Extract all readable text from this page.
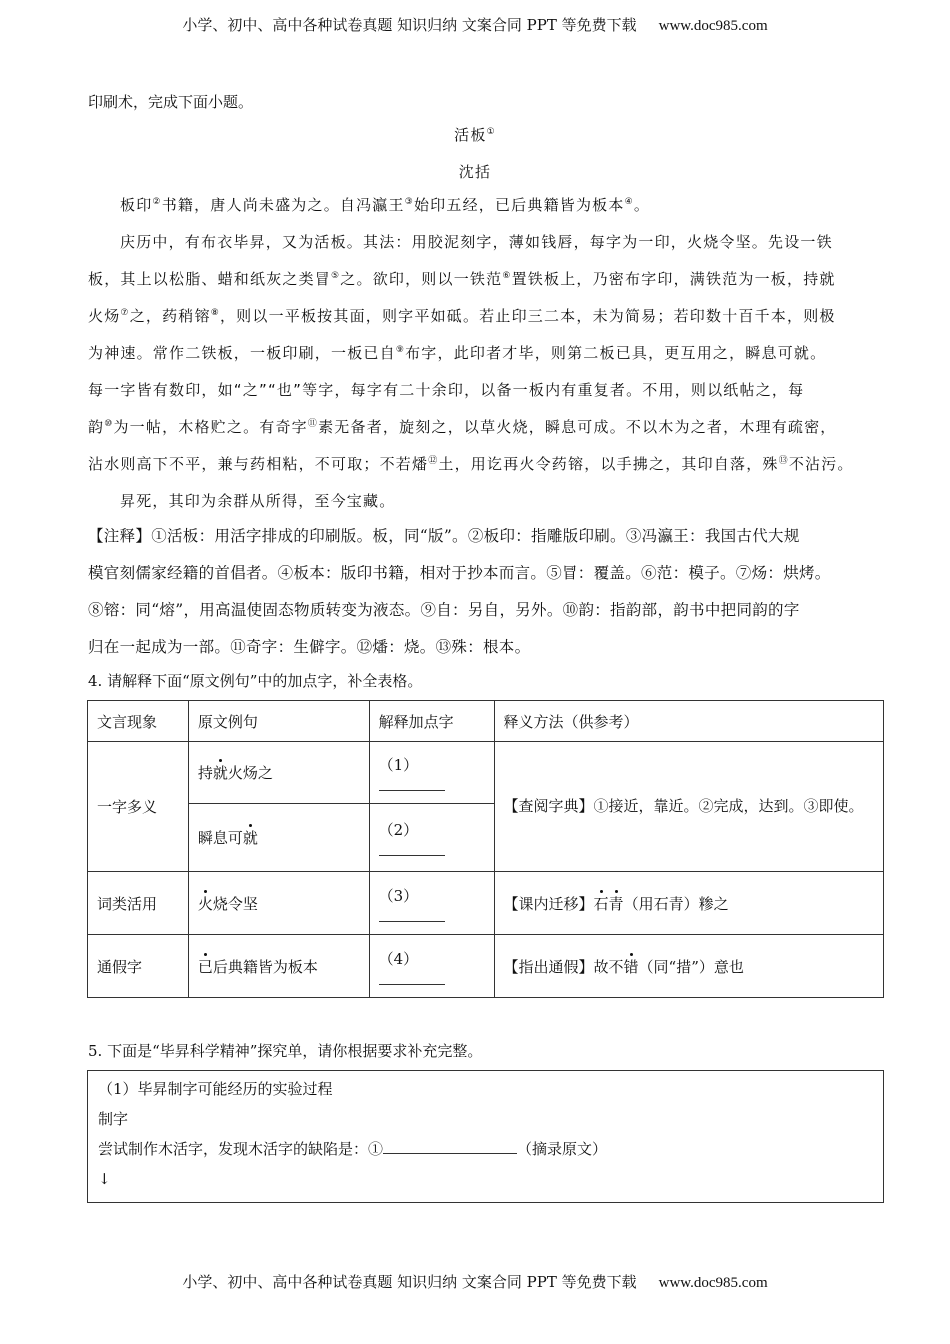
小学、初中、高中各种试卷真题 知识归纳 文案合同 PPT 等免费下载 www.doc985.com
印刷术，完成下面小题。
活板①
沈括
板印②书籍，唐人尚未盛为之。自冯瀛王③始印五经，已后典籍皆为板本④。
庆历中，有布衣毕昇，又为活板。其法：用胶泥刻字，薄如钱唇，每字为一印，火烧令坚。先设一铁
板，其上以松脂、蜡和纸灰之类冒⑤之。欲印，则以一铁范⑥置铁板上，乃密布字印，满铁范为一板，持就
火炀⑦之，药稍镕⑧，则以一平板按其面，则字平如砥。若止印三二本，未为简易；若印数十百千本，则极
为神速。常作二铁板，一板印刷，一板已自⑨布字，此印者才毕，则第二板已具，更互用之，瞬息可就。
每一字皆有数印，如“之”“也”等字，每字有二十余印，以备一板内有重复者。不用，则以纸帖之，每
韵⑩为一帖，木格贮之。有奇字⑪素无备者，旋刻之，以草火烧，瞬息可成。不以木为之者，木理有疏密，
沾水则高下不平，兼与药相粘，不可取；不若燔⑫土，用讫再火令药镕，以手拂之，其印自落，殊⑬不沾污。
昇死，其印为余群从所得，至今宝藏。
【注释】①活板：用活字排成的印刷版。板，同“版”。②板印：指雕版印刷。③冯瀛王：我国古代大规
模官刻儒家经籍的首倡者。④板本：版印书籍，相对于抄本而言。⑤冒：覆盖。⑥范：模子。⑦炀：烘烤。
⑧镕：同“熔”，用高温使固态物质转变为液态。⑨自：另自，另外。⑩韵：指韵部，韵书中把同韵的字
归在一起成为一部。⑪奇字：生僻字。⑫燔：烧。⑬殊：根本。
4. 请解释下面“原文例句”中的加点字，补全表格。
文言现象	原文例句	解释加点字	释义方法（供参考）
一字多义	持就火炀之	（1）	【查阅字典】①接近，靠近。②完成，达到。③即使。
	瞬息可就	（2）	

词类活用	火烧令坚	（3）	【课内迁移】石青（用石青）糁之
通假字	已后典籍皆为板本	（4）	【指出通假】故不错（同“措”）意也
5. 下面是“毕昇科学精神”探究单，请你根据要求补充完整。
（1）毕昇制字可能经历的实验过程
制字
尝试制作木活字，发现木活字的缺陷是：①	（摘录原文）
↓
小学、初中、高中各种试卷真题 知识归纳 文案合同 PPT 等免费下载 www.doc985.com
